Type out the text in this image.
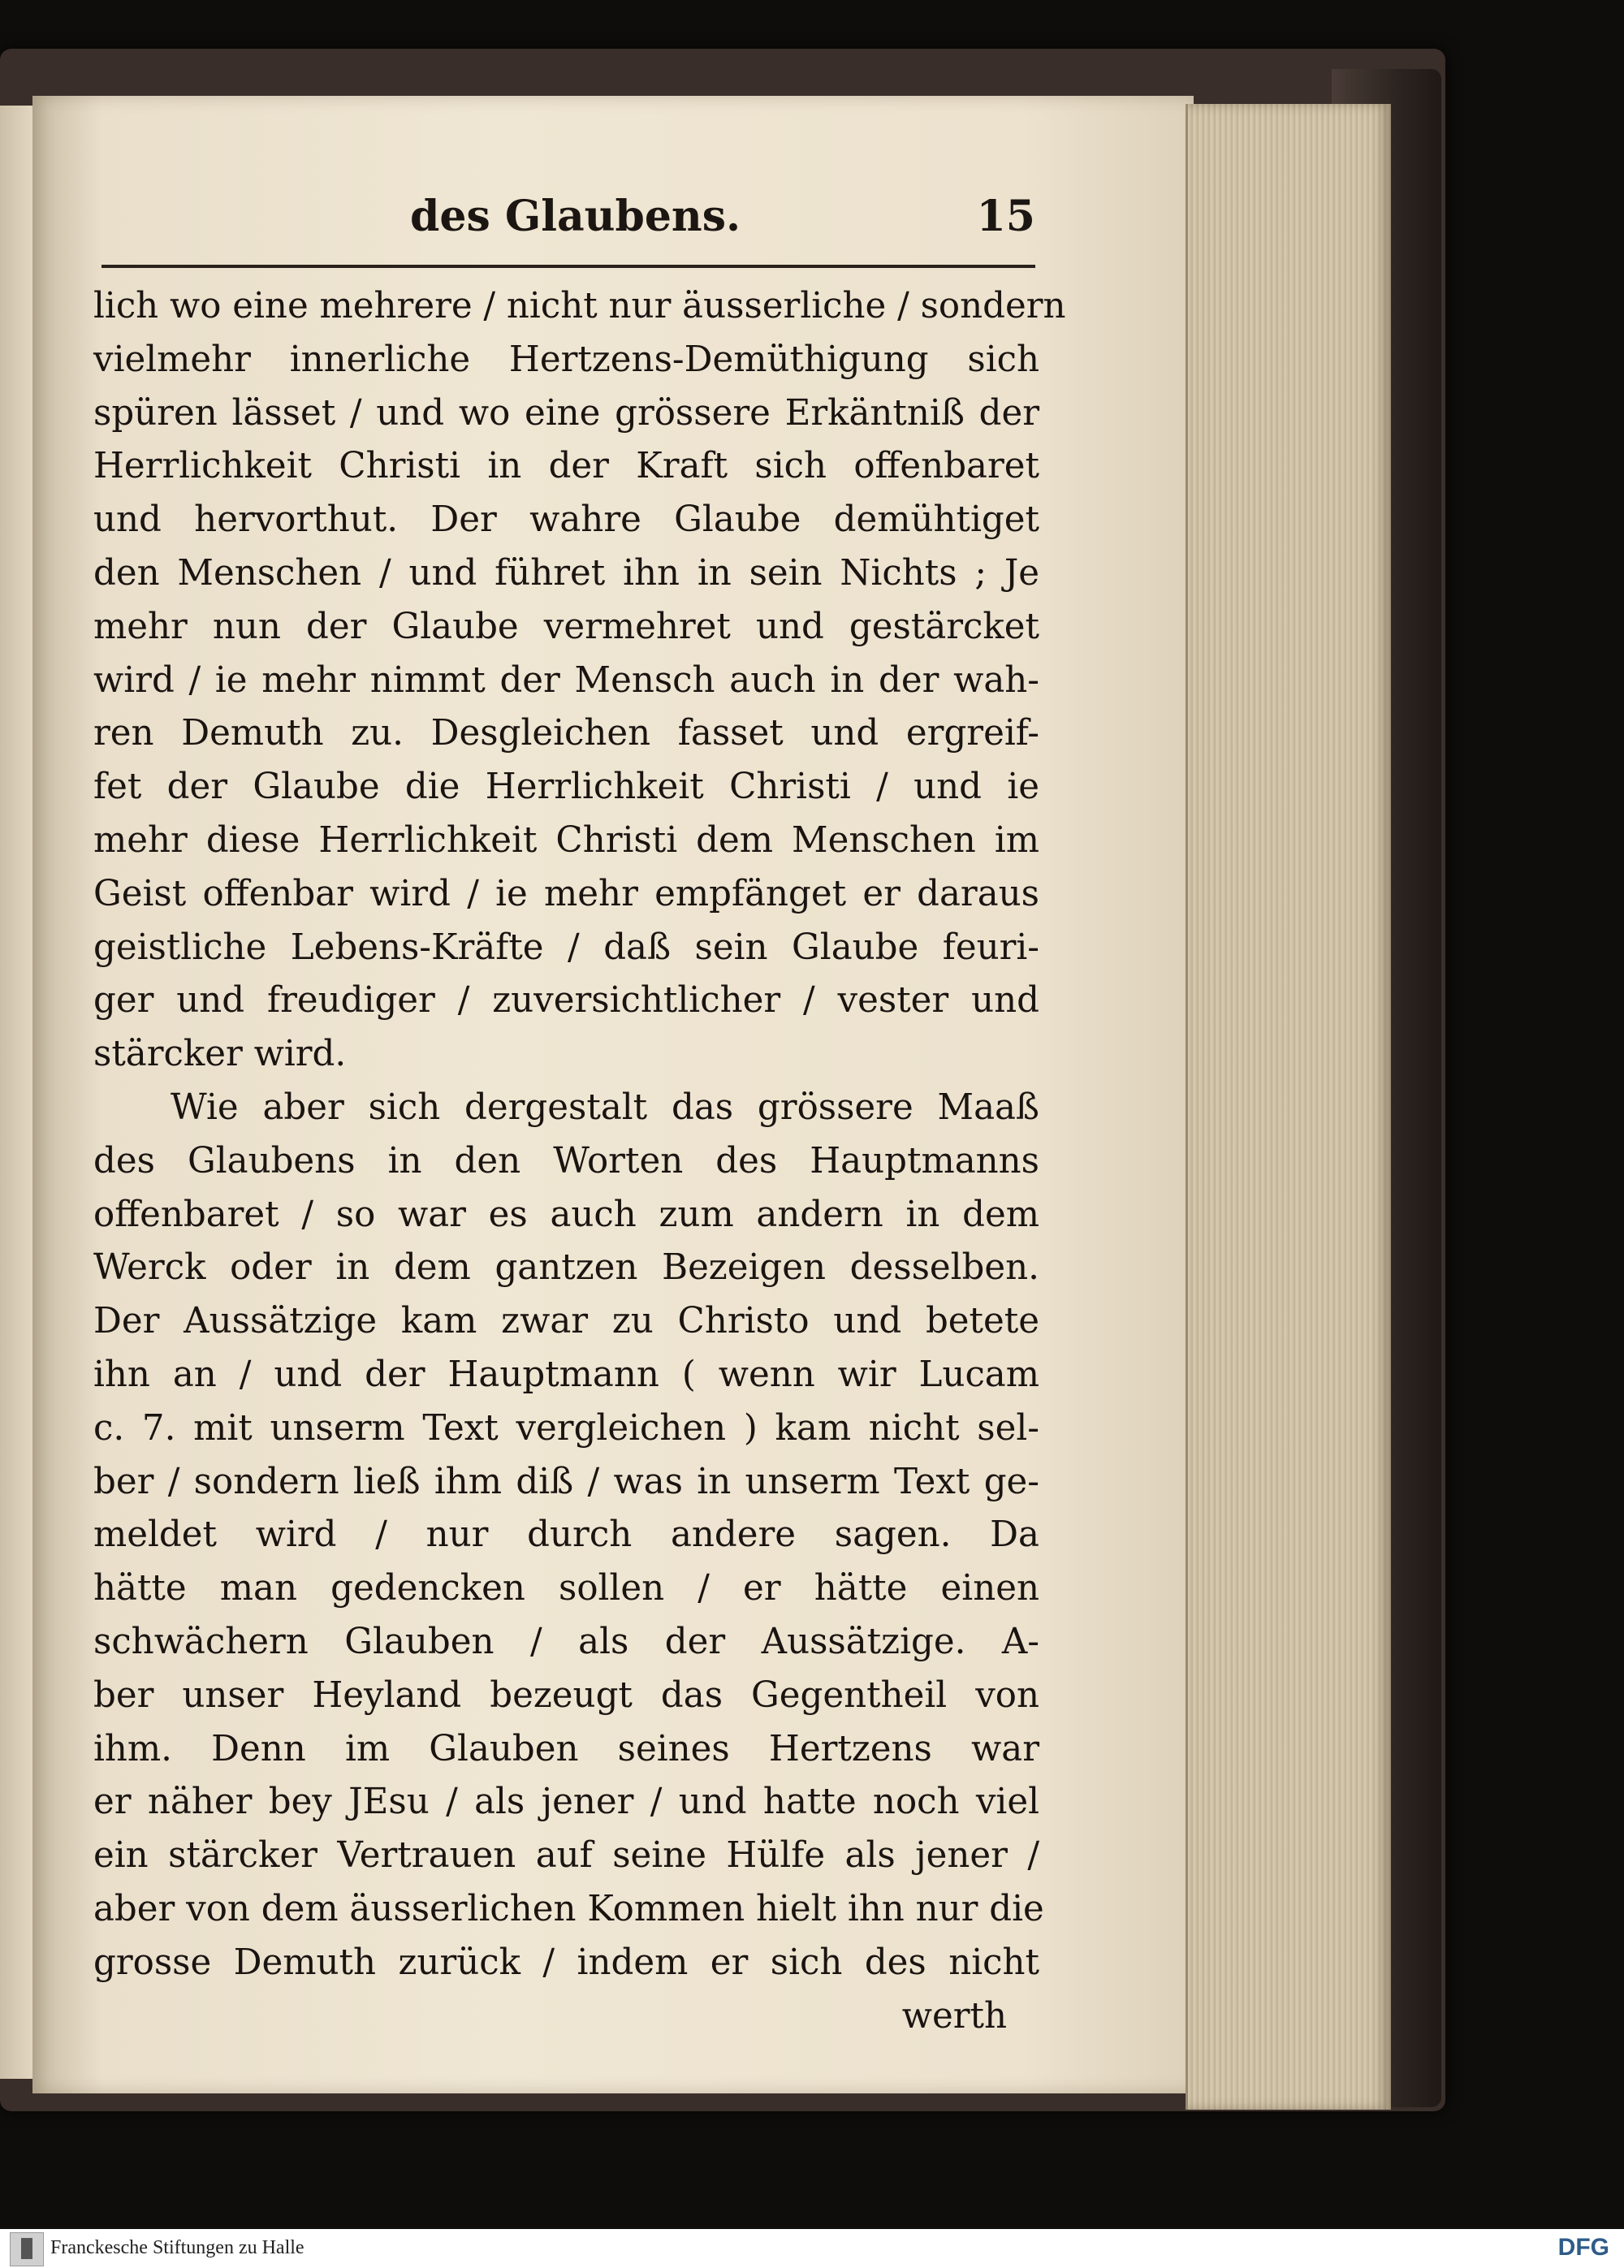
des Glaubens.	15
lich wo eine mehrere / nicht nur äusserliche / sondern
vielmehr innerliche Hertzens-Demüthigung sich
spüren lässet / und wo eine grössere Erkäntniß der
Herrlichkeit Christi in der Kraft sich offenbaret
und hervorthut. Der wahre Glaube demühtiget
den Menschen / und führet ihn in sein Nichts ; Je
mehr nun der Glaube vermehret und gestärcket
wird / ie mehr nimmt der Mensch auch in der wah-
ren Demuth zu. Desgleichen fasset und ergreif-
fet der Glaube die Herrlichkeit Christi / und ie
mehr diese Herrlichkeit Christi dem Menschen im
Geist offenbar wird / ie mehr empfänget er daraus
geistliche Lebens-Kräfte / daß sein Glaube feuri-
ger und freudiger / zuversichtlicher / vester und
stärcker wird.
Wie aber sich dergestalt das grössere Maaß
des Glaubens in den Worten des Hauptmanns
offenbaret / so war es auch zum andern in dem
Werck oder in dem gantzen Bezeigen desselben.
Der Aussätzige kam zwar zu Christo und betete
ihn an / und der Hauptmann ( wenn wir Lucam
c. 7. mit unserm Text vergleichen ) kam nicht sel-
ber / sondern ließ ihm diß / was in unserm Text ge-
meldet wird / nur durch andere sagen. Da
hätte man gedencken sollen / er hätte einen
schwächern Glauben / als der Aussätzige. A-
ber unser Heyland bezeugt das Gegentheil von
ihm. Denn im Glauben seines Hertzens war
er näher bey JEsu / als jener / und hatte noch viel
ein stärcker Vertrauen auf seine Hülfe als jener /
aber von dem äusserlichen Kommen hielt ihn nur die
grosse Demuth zurück / indem er sich des nicht
werth
Franckesche Stiftungen zu Halle	DFG
